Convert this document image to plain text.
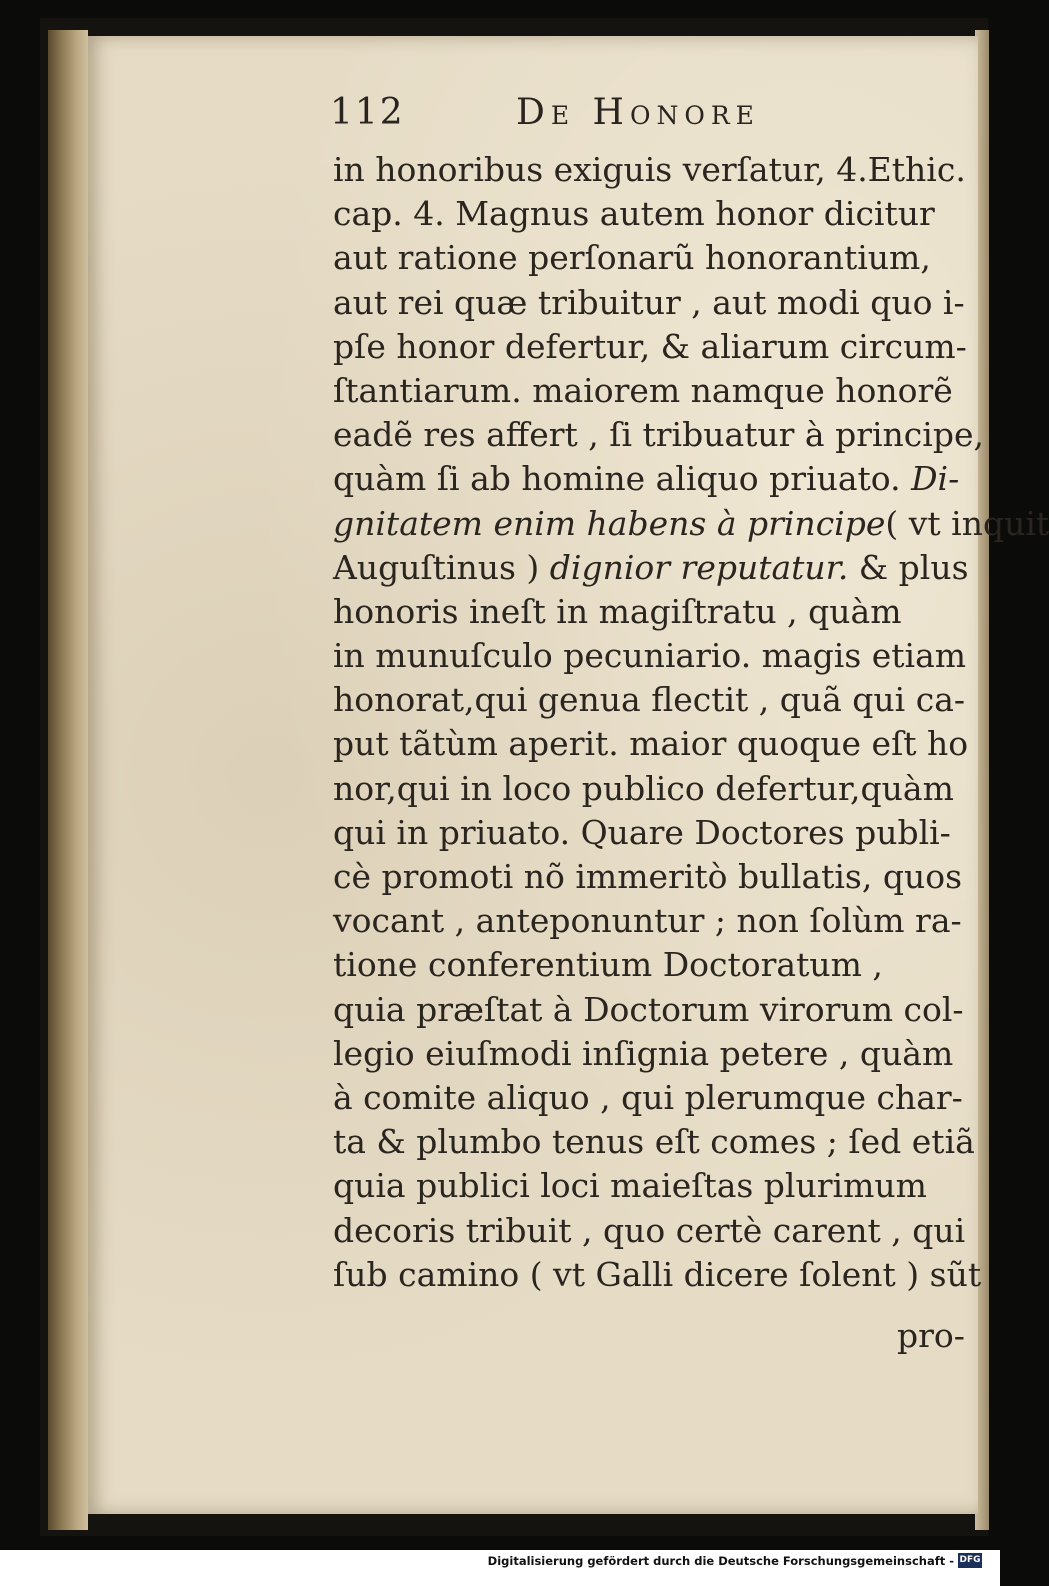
112	De Honore
in honoribus exiguis verſatur, 4.Ethic.
cap. 4. Magnus autem honor dicitur
aut ratione perſonarũ honorantium,
aut rei quæ tribuitur , aut modi quo i-
pſe honor defertur, & aliarum circum-
ſtantiarum. maiorem namque honorẽ
eadẽ res affert , ſi tribuatur à principe,
quàm ſi ab homine aliquo priuato. Di-
gnitatem enim habens à principe( vt inquit
Auguſtinus ) dignior reputatur. & plus
honoris ineſt in magiſtratu , quàm
in munuſculo pecuniario. magis etiam
honorat,qui genua flectit , quã qui ca-
put tãtùm aperit. maior quoque eſt ho
nor,qui in loco publico defertur,quàm
qui in priuato. Quare Doctores publi-
cè promoti nõ immeritò bullatis, quos
vocant , anteponuntur ; non ſolùm ra-
tione conferentium Doctoratum ,
quia præſtat à Doctorum virorum col-
legio eiuſmodi inſignia petere , quàm
à comite aliquo , qui plerumque char-
ta & plumbo tenus eſt comes ; ſed etiã
quia publici loci maieſtas plurimum
decoris tribuit , quo certè carent , qui
ſub camino ( vt Galli dicere ſolent ) sũt
pro-
Digitalisierung gefördert durch die Deutsche Forschungsgemeinschaft - DFG
